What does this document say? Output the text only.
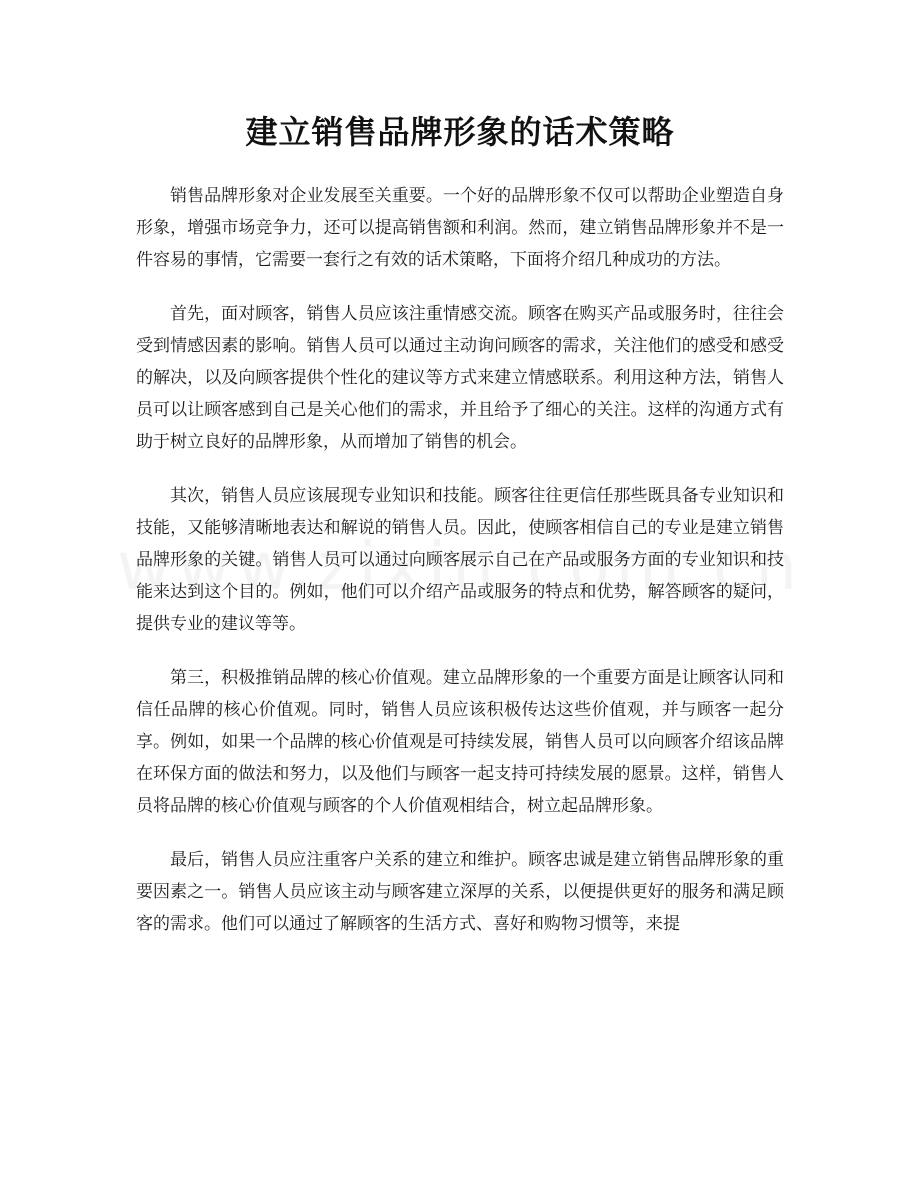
建立销售品牌形象的话术策略

销售品牌形象对企业发展至关重要。一个好的品牌形象不仅可以帮助企业塑造自身形象，增强市场竞争力，还可以提高销售额和利润。然而，建立销售品牌形象并不是一件容易的事情，它需要一套行之有效的话术策略，下面将介绍几种成功的方法。

首先，面对顾客，销售人员应该注重情感交流。顾客在购买产品或服务时，往往会受到情感因素的影响。销售人员可以通过主动询问顾客的需求，关注他们的感受和感受的解决，以及向顾客提供个性化的建议等方式来建立情感联系。利用这种方法，销售人员可以让顾客感到自己是关心他们的需求，并且给予了细心的关注。这样的沟通方式有助于树立良好的品牌形象，从而增加了销售的机会。

其次，销售人员应该展现专业知识和技能。顾客往往更信任那些既具备专业知识和技能，又能够清晰地表达和解说的销售人员。因此，使顾客相信自己的专业是建立销售品牌形象的关键。销售人员可以通过向顾客展示自己在产品或服务方面的专业知识和技能来达到这个目的。例如，他们可以介绍产品或服务的特点和优势，解答顾客的疑问，提供专业的建议等等。

第三，积极推销品牌的核心价值观。建立品牌形象的一个重要方面是让顾客认同和信任品牌的核心价值观。同时，销售人员应该积极传达这些价值观，并与顾客一起分享。例如，如果一个品牌的核心价值观是可持续发展，销售人员可以向顾客介绍该品牌在环保方面的做法和努力，以及他们与顾客一起支持可持续发展的愿景。这样，销售人员将品牌的核心价值观与顾客的个人价值观相结合，树立起品牌形象。

最后，销售人员应注重客户关系的建立和维护。顾客忠诚是建立销售品牌形象的重要因素之一。销售人员应该主动与顾客建立深厚的关系，以便提供更好的服务和满足顾客的需求。他们可以通过了解顾客的生活方式、喜好和购物习惯等，来提
